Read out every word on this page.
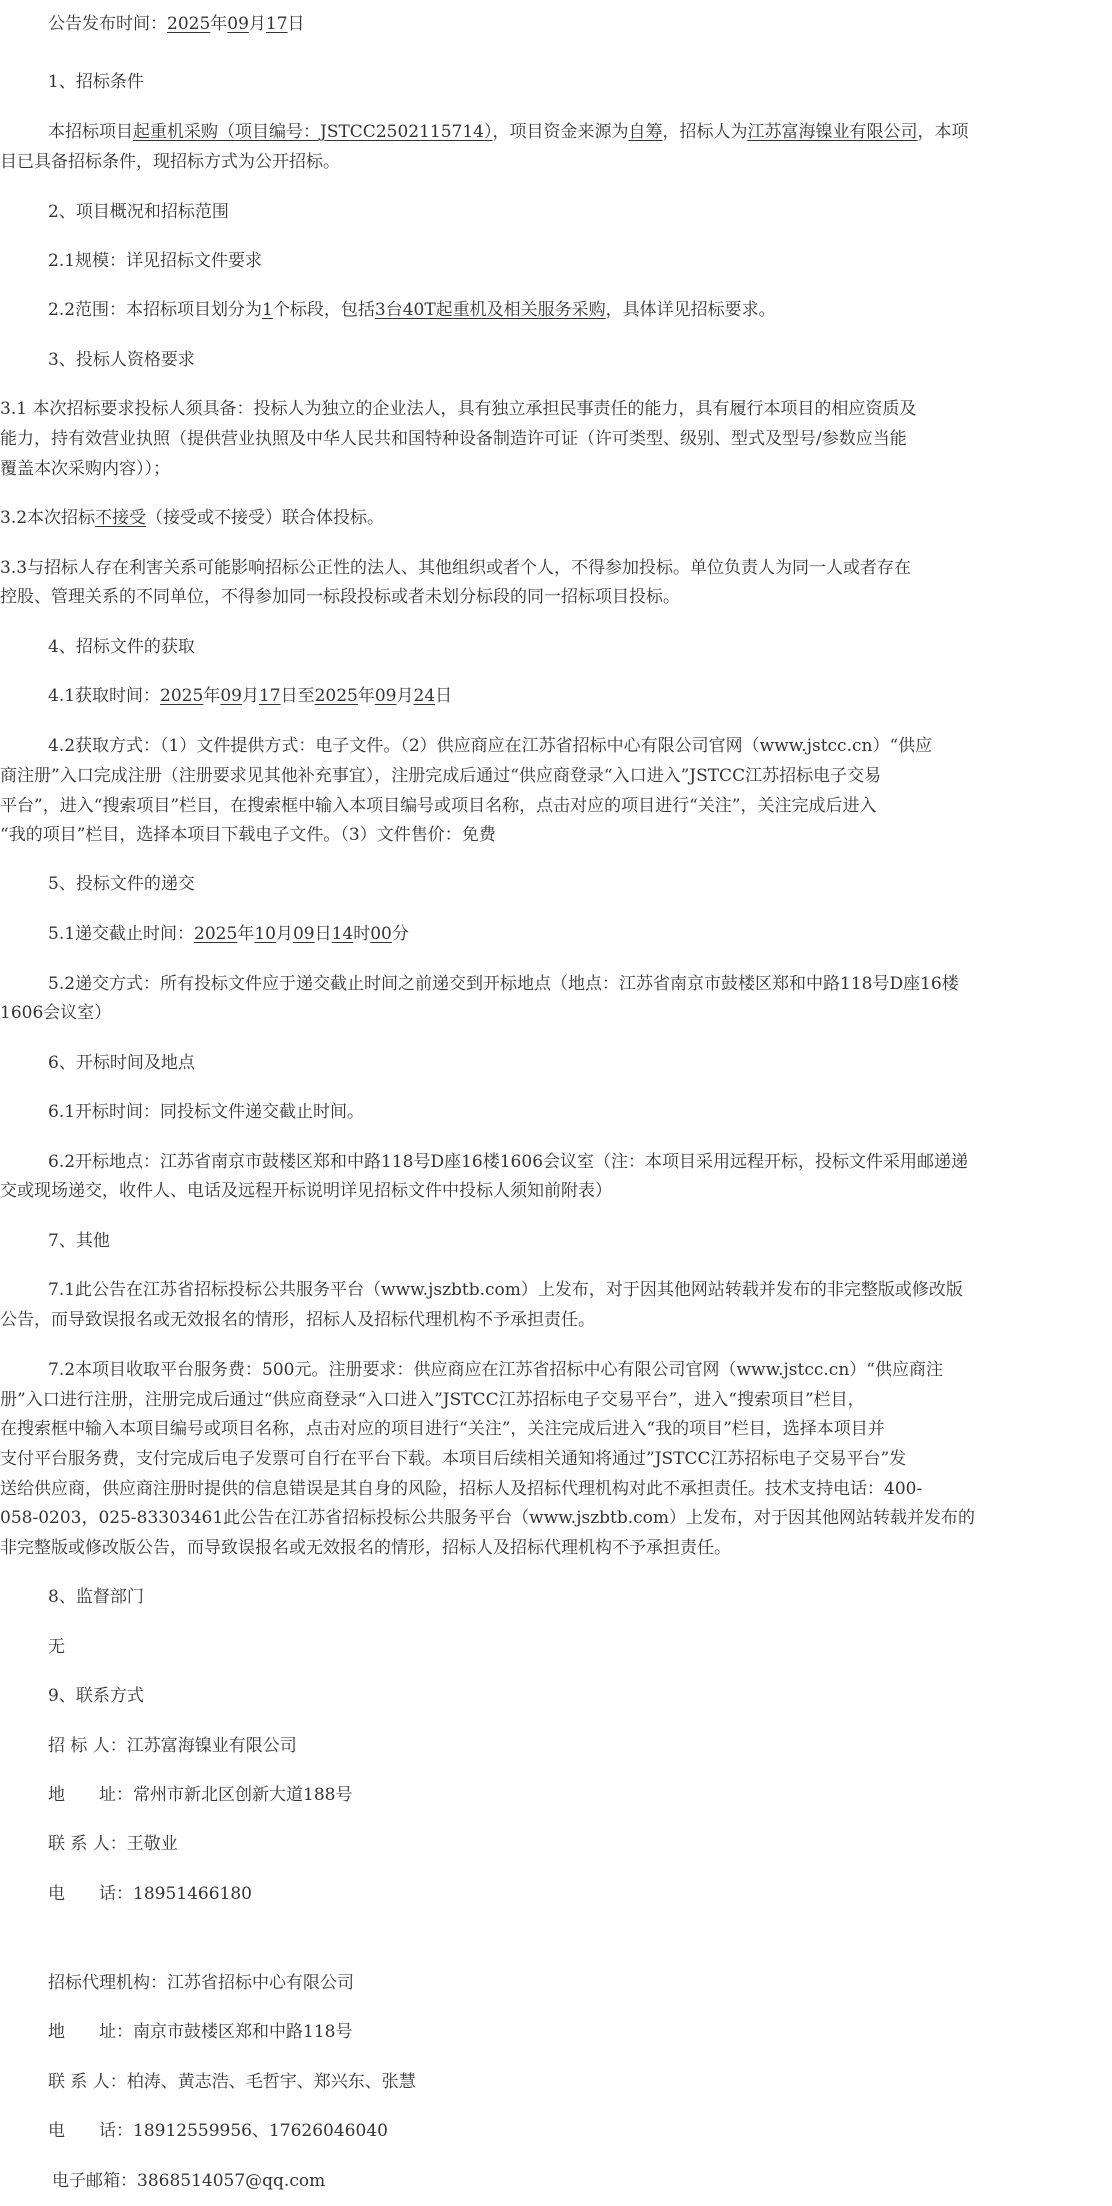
公告发布时间：2025年09月17日

1、招标条件

本招标项目起重机采购（项目编号：JSTCC2502115714），项目资金来源为自筹，招标人为江苏富海镍业有限公司，本项

目已具备招标条件，现招标方式为公开招标。

2、项目概况和招标范围

2.1规模：详见招标文件要求

2.2范围：本招标项目划分为1个标段，包括3台40T起重机及相关服务采购，具体详见招标要求。

3、投标人资格要求

3.1 本次招标要求投标人须具备：投标人为独立的企业法人，具有独立承担民事责任的能力，具有履行本项目的相应资质及

能力，持有效营业执照（提供营业执照及中华人民共和国特种设备制造许可证（许可类型、级别、型式及型号/参数应当能

覆盖本次采购内容））；

3.2本次招标不接受（接受或不接受）联合体投标。

3.3与招标人存在利害关系可能影响招标公正性的法人、其他组织或者个人，不得参加投标。单位负责人为同一人或者存在

控股、管理关系的不同单位，不得参加同一标段投标或者未划分标段的同一招标项目投标。

4、招标文件的获取

4.1获取时间：2025年09月17日至2025年09月24日

4.2获取方式：（1）文件提供方式：电子文件。（2）供应商应在江苏省招标中心有限公司官网（www.jstcc.cn）“供应

商注册”入口完成注册（注册要求见其他补充事宜），注册完成后通过“供应商登录“入口进入”JSTCC江苏招标电子交易

平台”，进入“搜索项目”栏目，在搜索框中输入本项目编号或项目名称，点击对应的项目进行“关注”，关注完成后进入

“我的项目”栏目，选择本项目下载电子文件。（3）文件售价：免费

5、投标文件的递交

5.1递交截止时间：2025年10月09日14时00分

5.2递交方式：所有投标文件应于递交截止时间之前递交到开标地点（地点：江苏省南京市鼓楼区郑和中路118号D座16楼

1606会议室）

6、开标时间及地点

6.1开标时间：同投标文件递交截止时间。

6.2开标地点：江苏省南京市鼓楼区郑和中路118号D座16楼1606会议室（注：本项目采用远程开标，投标文件采用邮递递

交或现场递交，收件人、电话及远程开标说明详见招标文件中投标人须知前附表）

7、其他

7.1此公告在江苏省招标投标公共服务平台（www.jszbtb.com）上发布，对于因其他网站转载并发布的非完整版或修改版

公告，而导致误报名或无效报名的情形，招标人及招标代理机构不予承担责任。

7.2本项目收取平台服务费：500元。注册要求：供应商应在江苏省招标中心有限公司官网（www.jstcc.cn）“供应商注

册”入口进行注册，注册完成后通过“供应商登录“入口进入”JSTCC江苏招标电子交易平台”，进入“搜索项目”栏目，

在搜索框中输入本项目编号或项目名称，点击对应的项目进行“关注”，关注完成后进入“我的项目”栏目，选择本项目并

支付平台服务费，支付完成后电子发票可自行在平台下载。本项目后续相关通知将通过”JSTCC江苏招标电子交易平台”发

送给供应商，供应商注册时提供的信息错误是其自身的风险，招标人及招标代理机构对此不承担责任。技术支持电话：400-

058-0203，025-83303461此公告在江苏省招标投标公共服务平台（www.jszbtb.com）上发布，对于因其他网站转载并发布的

非完整版或修改版公告，而导致误报名或无效报名的情形，招标人及招标代理机构不予承担责任。

8、监督部门

无

9、联系方式

招 标 人：江苏富海镍业有限公司

地　　址：常州市新北区创新大道188号

联 系 人：王敬业

电　　话：18951466180

招标代理机构：江苏省招标中心有限公司

地　　址：南京市鼓楼区郑和中路118号

联 系 人：柏涛、黄志浩、毛哲宇、郑兴东、张慧

电　　话：18912559956、17626046040

电子邮箱：3868514057@qq.com
